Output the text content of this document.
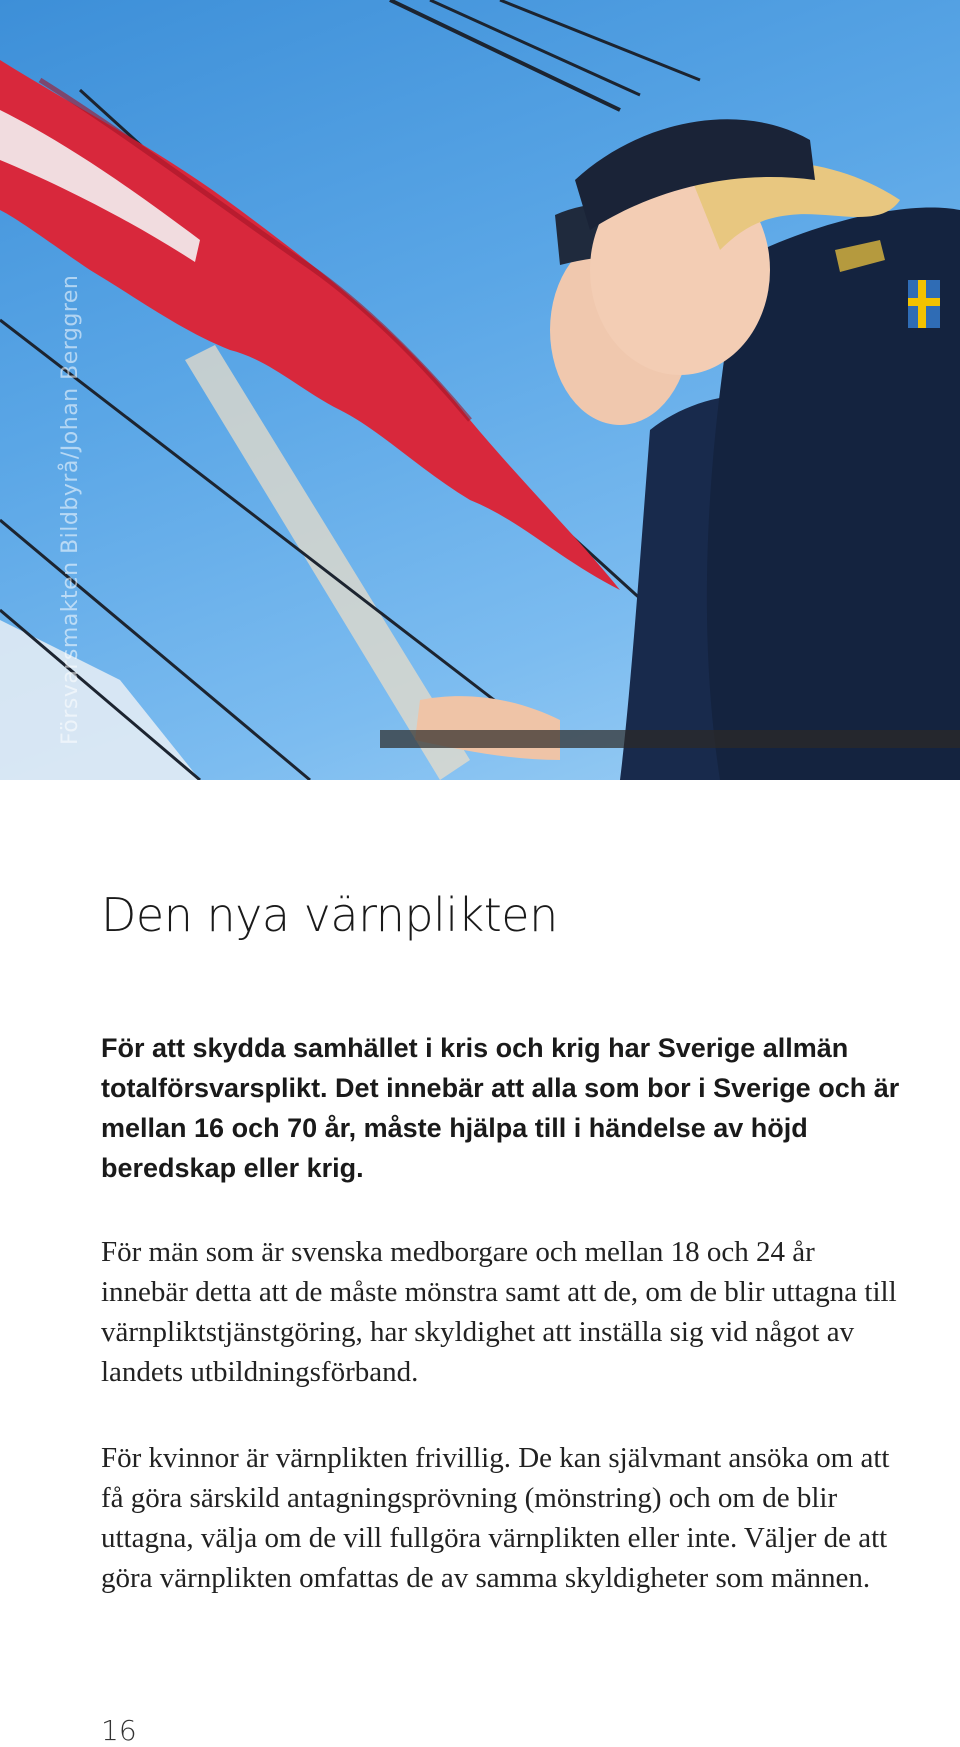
Försvarsmakten Bildbyrå/Johan Berggren
Den nya värnplikten

För att skydda samhället i kris och krig har Sverige allmän totalförsvarsplikt. Det innebär att alla som bor i Sverige och är mellan 16 och 70 år, måste hjälpa till i händelse av höjd beredskap eller krig.

För män som är svenska medborgare och mellan 18 och 24 år innebär detta att de måste mönstra samt att de, om de blir uttagna till värnpliktstjänstgöring, har skyldighet att inställa sig vid något av landets utbildningsförband.

För kvinnor är värnplikten frivillig. De kan självmant ansöka om att få göra särskild antagningsprövning (mönstring) och om de blir uttagna, välja om de vill fullgöra värnplikten eller inte. Väljer de att göra värnplikten omfattas de av samma skyldigheter som männen.

16
